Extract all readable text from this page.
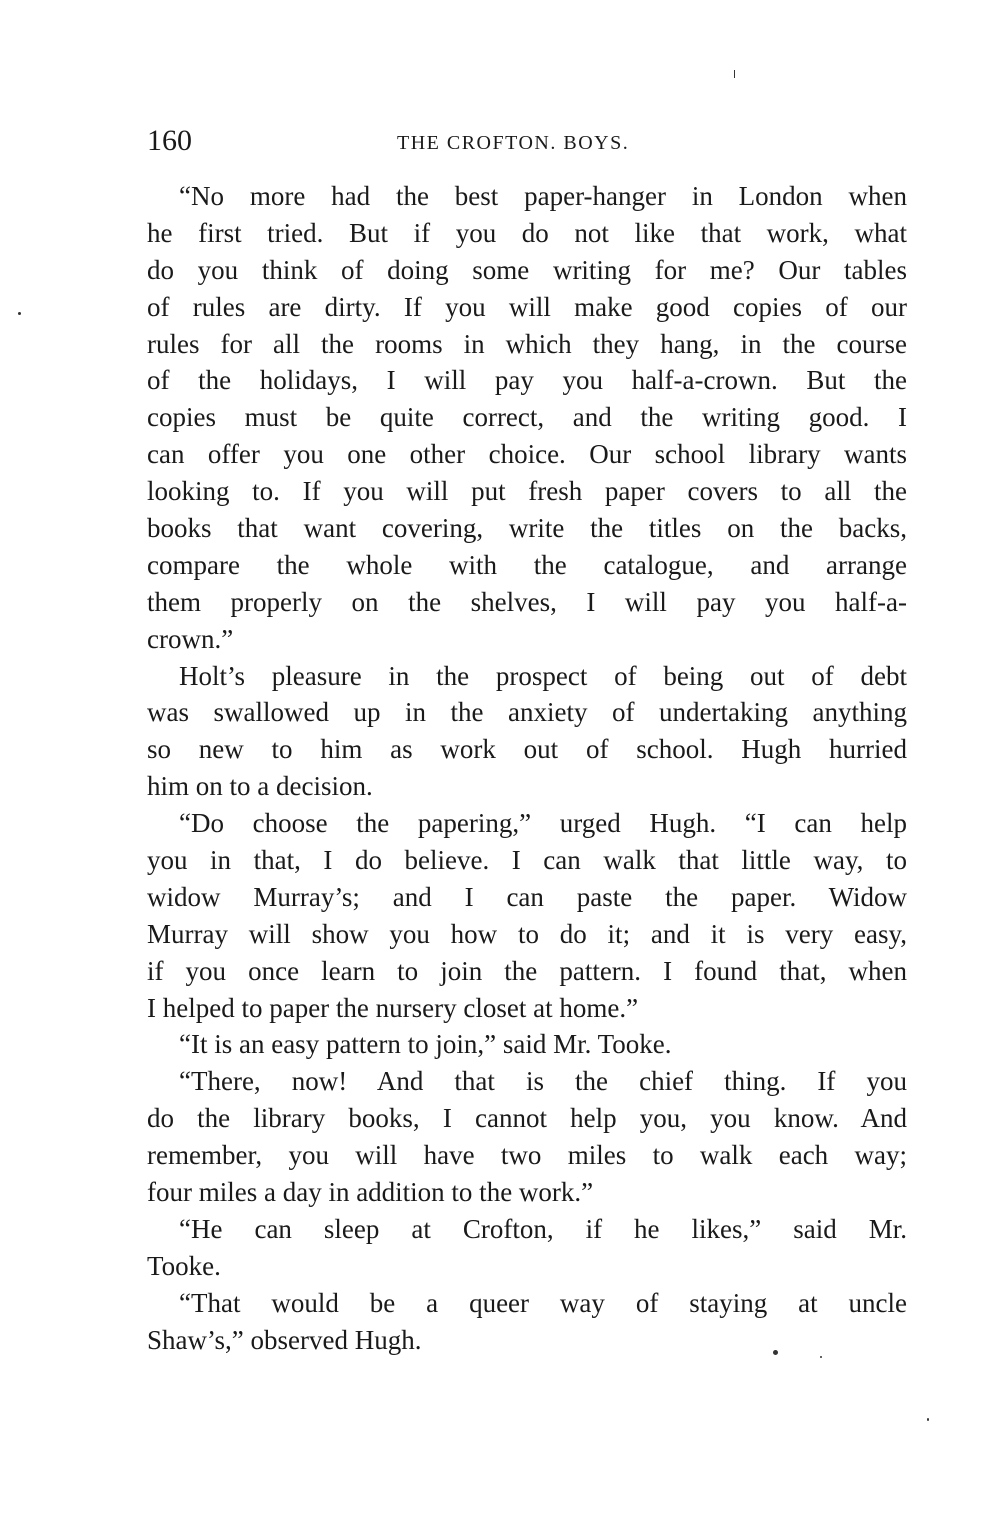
160	THE CROFTON. BOYS.
“No more had the best paper-hanger in London when
he first tried. But if you do not like that work, what
do you think of doing some writing for me? Our tables
of rules are dirty. If you will make good copies of our
rules for all the rooms in which they hang, in the course
of the holidays, I will pay you half-a-crown. But the
copies must be quite correct, and the writing good. I
can offer you one other choice. Our school library wants
looking to. If you will put fresh paper covers to all the
books that want covering, write the titles on the backs,
compare the whole with the catalogue, and arrange
them properly on the shelves, I will pay you half-a-
crown.”
Holt’s pleasure in the prospect of being out of debt
was swallowed up in the anxiety of undertaking anything
so new to him as work out of school. Hugh hurried
him on to a decision.
“Do choose the papering,” urged Hugh. “I can help
you in that, I do believe. I can walk that little way, to
widow Murray’s; and I can paste the paper. Widow
Murray will show you how to do it; and it is very easy,
if you once learn to join the pattern. I found that, when
I helped to paper the nursery closet at home.”
“It is an easy pattern to join,” said Mr. Tooke.
“There, now! And that is the chief thing. If you
do the library books, I cannot help you, you know. And
remember, you will have two miles to walk each way;
four miles a day in addition to the work.”
“He can sleep at Crofton, if he likes,” said Mr.
Tooke.
“That would be a queer way of staying at uncle
Shaw’s,” observed Hugh.
